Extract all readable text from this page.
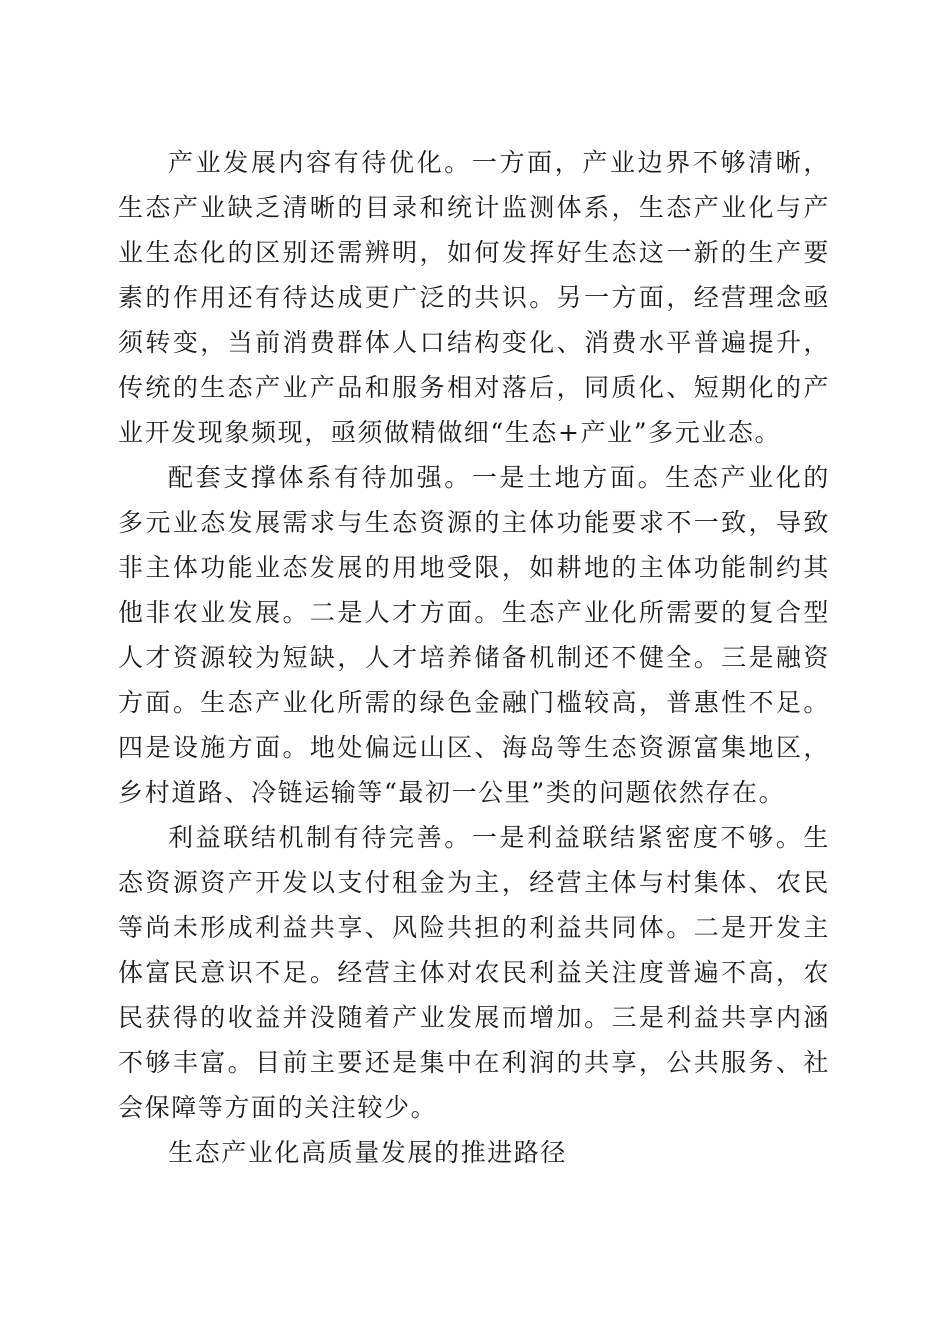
产业发展内容有待优化。一方面，产业边界不够清晰，生态产业缺乏清晰的目录和统计监测体系，生态产业化与产业生态化的区别还需辨明，如何发挥好生态这一新的生产要素的作用还有待达成更广泛的共识。另一方面，经营理念亟须转变，当前消费群体人口结构变化、消费水平普遍提升，传统的生态产业产品和服务相对落后，同质化、短期化的产业开发现象频现，亟须做精做细“生态+产业”多元业态。

配套支撑体系有待加强。一是土地方面。生态产业化的多元业态发展需求与生态资源的主体功能要求不一致，导致非主体功能业态发展的用地受限，如耕地的主体功能制约其他非农业发展。二是人才方面。生态产业化所需要的复合型人才资源较为短缺，人才培养储备机制还不健全。三是融资方面。生态产业化所需的绿色金融门槛较高，普惠性不足。四是设施方面。地处偏远山区、海岛等生态资源富集地区，乡村道路、冷链运输等“最初一公里”类的问题依然存在。

利益联结机制有待完善。一是利益联结紧密度不够。生态资源资产开发以支付租金为主，经营主体与村集体、农民等尚未形成利益共享、风险共担的利益共同体。二是开发主体富民意识不足。经营主体对农民利益关注度普遍不高，农民获得的收益并没随着产业发展而增加。三是利益共享内涵不够丰富。目前主要还是集中在利润的共享，公共服务、社会保障等方面的关注较少。

生态产业化高质量发展的推进路径
